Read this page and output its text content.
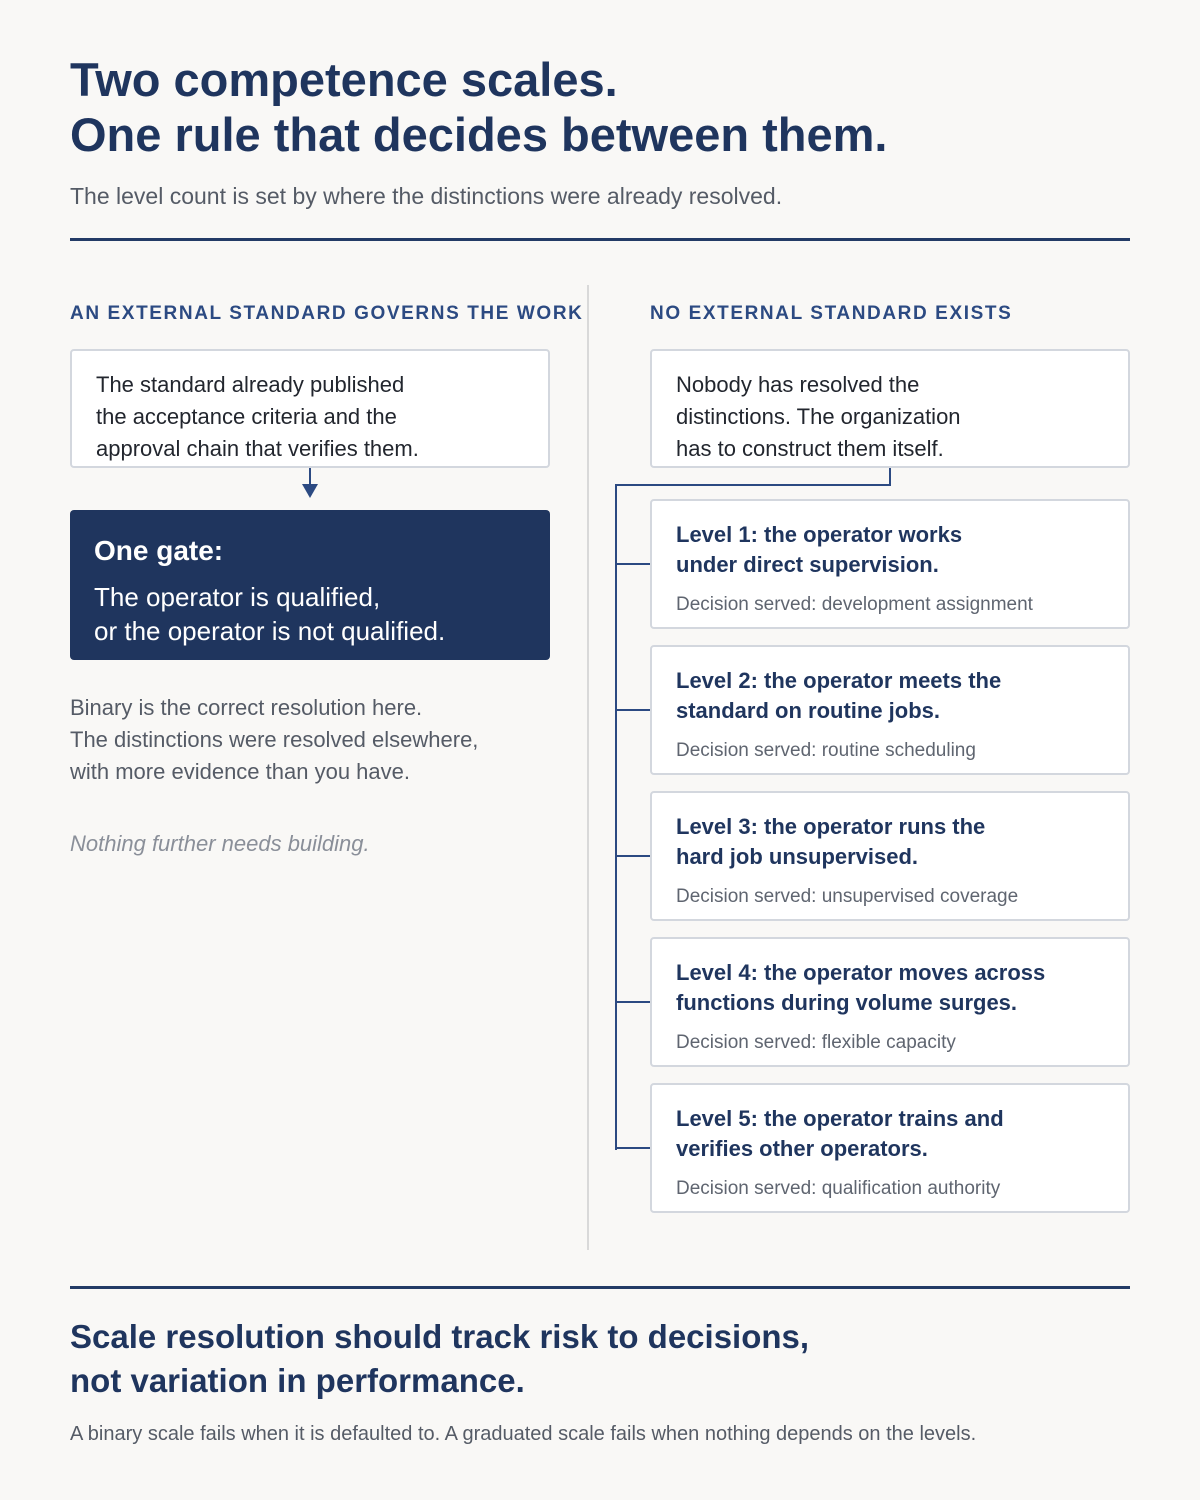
Two competence scales.
One rule that decides between them.
The level count is set by where the distinctions were already resolved.
AN EXTERNAL STANDARD GOVERNS THE WORK
The standard already published
the acceptance criteria and the
approval chain that verifies them.
One gate:
The operator is qualified,
or the operator is not qualified.
Binary is the correct resolution here.
The distinctions were resolved elsewhere,
with more evidence than you have.
Nothing further needs building.
NO EXTERNAL STANDARD EXISTS
Nobody has resolved the
distinctions. The organization
has to construct them itself.
Level 1: the operator works
under direct supervision.
Decision served: development assignment
Level 2: the operator meets the
standard on routine jobs.
Decision served: routine scheduling
Level 3: the operator runs the
hard job unsupervised.
Decision served: unsupervised coverage
Level 4: the operator moves across
functions during volume surges.
Decision served: flexible capacity
Level 5: the operator trains and
verifies other operators.
Decision served: qualification authority
Scale resolution should track risk to decisions,
not variation in performance.
A binary scale fails when it is defaulted to. A graduated scale fails when nothing depends on the levels.
